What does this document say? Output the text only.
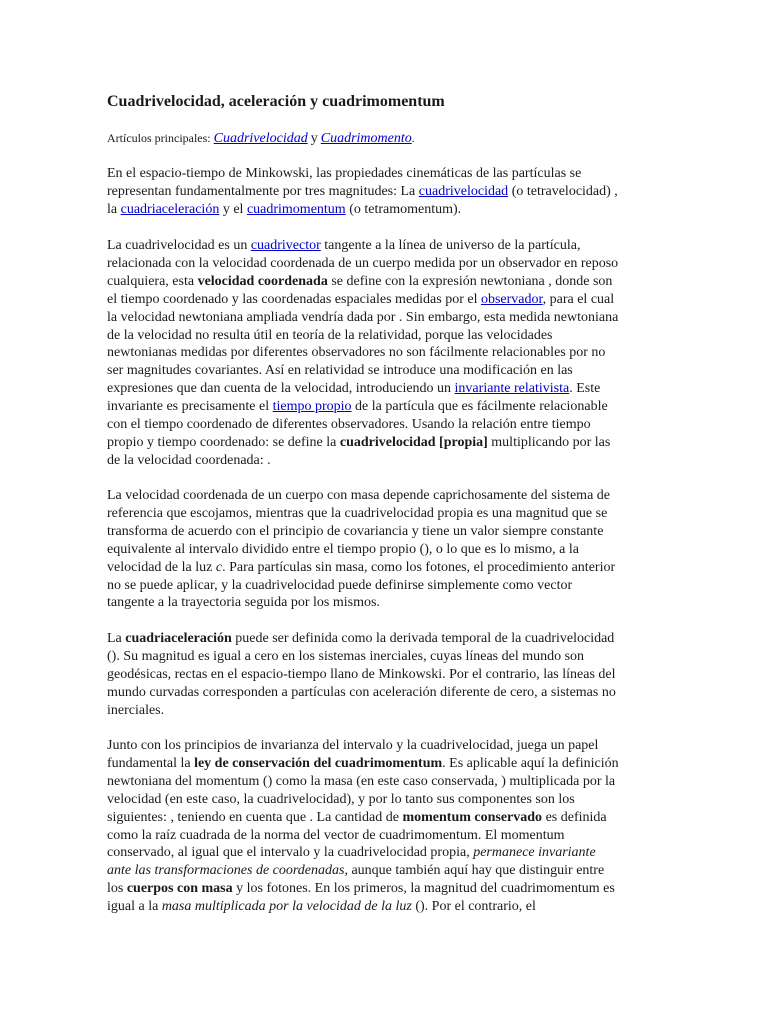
Cuadrivelocidad, aceleración y cuadrimomentum

Artículos principales: Cuadrivelocidad y Cuadrimomento.

En el espacio-tiempo de Minkowski, las propiedades cinemáticas de las partículas se
representan fundamentalmente por tres magnitudes: La cuadrivelocidad (o tetravelocidad) ,
la cuadriaceleración y el cuadrimomentum (o tetramomentum).

La cuadrivelocidad es un cuadrivector tangente a la línea de universo de la partícula,
relacionada con la velocidad coordenada de un cuerpo medida por un observador en reposo
cualquiera, esta velocidad coordenada se define con la expresión newtoniana , donde son
el tiempo coordenado y las coordenadas espaciales medidas por el observador, para el cual
la velocidad newtoniana ampliada vendría dada por . Sin embargo, esta medida newtoniana
de la velocidad no resulta útil en teoría de la relatividad, porque las velocidades
newtonianas medidas por diferentes observadores no son fácilmente relacionables por no
ser magnitudes covariantes. Así en relatividad se introduce una modificación en las
expresiones que dan cuenta de la velocidad, introduciendo un invariante relativista. Este
invariante es precisamente el tiempo propio de la partícula que es fácilmente relacionable
con el tiempo coordenado de diferentes observadores. Usando la relación entre tiempo
propio y tiempo coordenado: se define la cuadrivelocidad [propia] multiplicando por las
de la velocidad coordenada: .

La velocidad coordenada de un cuerpo con masa depende caprichosamente del sistema de
referencia que escojamos, mientras que la cuadrivelocidad propia es una magnitud que se
transforma de acuerdo con el principio de covariancia y tiene un valor siempre constante
equivalente al intervalo dividido entre el tiempo propio (), o lo que es lo mismo, a la
velocidad de la luz c. Para partículas sin masa, como los fotones, el procedimiento anterior
no se puede aplicar, y la cuadrivelocidad puede definirse simplemente como vector
tangente a la trayectoria seguida por los mismos.

La cuadriaceleración puede ser definida como la derivada temporal de la cuadrivelocidad
(). Su magnitud es igual a cero en los sistemas inerciales, cuyas líneas del mundo son
geodésicas, rectas en el espacio-tiempo llano de Minkowski. Por el contrario, las líneas del
mundo curvadas corresponden a partículas con aceleración diferente de cero, a sistemas no
inerciales.

Junto con los principios de invarianza del intervalo y la cuadrivelocidad, juega un papel
fundamental la ley de conservación del cuadrimomentum. Es aplicable aquí la definición
newtoniana del momentum () como la masa (en este caso conservada, ) multiplicada por la
velocidad (en este caso, la cuadrivelocidad), y por lo tanto sus componentes son los
siguientes: , teniendo en cuenta que . La cantidad de momentum conservado es definida
como la raíz cuadrada de la norma del vector de cuadrimomentum. El momentum
conservado, al igual que el intervalo y la cuadrivelocidad propia, permanece invariante
ante las transformaciones de coordenadas, aunque también aquí hay que distinguir entre
los cuerpos con masa y los fotones. En los primeros, la magnitud del cuadrimomentum es
igual a la masa multiplicada por la velocidad de la luz (). Por el contrario, el
